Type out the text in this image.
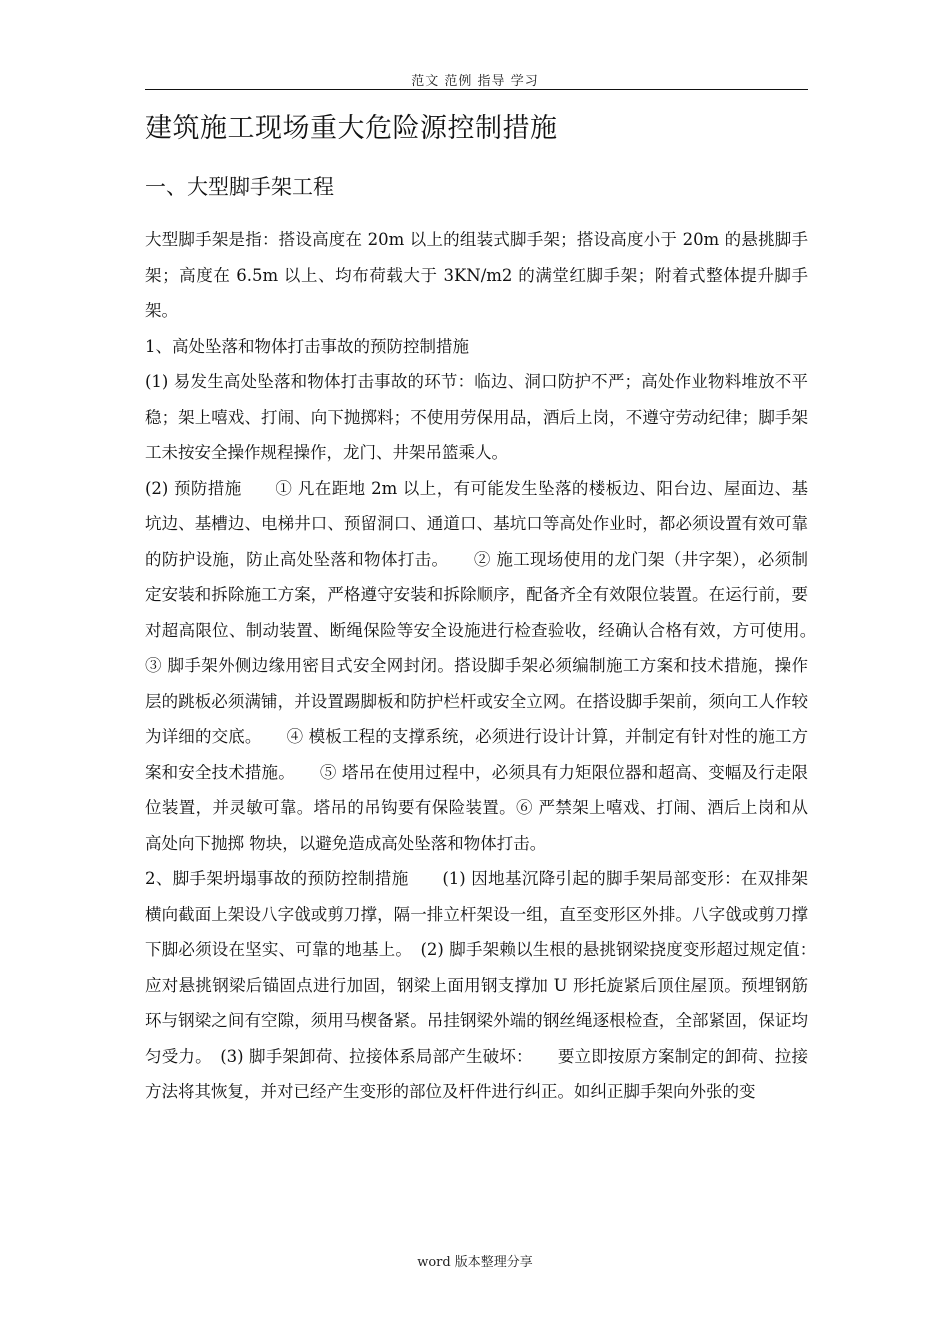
范文 范例 指导 学习
建筑施工现场重大危险源控制措施
一、大型脚手架工程

大型脚手架是指：搭设高度在 20m 以上的组装式脚手架；搭设高度小于 20m 的悬挑脚手架；高度在 6.5m 以上、均布荷载大于 3KN/m2 的满堂红脚手架；附着式整体提升脚手架。

1、高处坠落和物体打击事故的预防控制措施

(1) 易发生高处坠落和物体打击事故的环节：临边、洞口防护不严；高处作业物料堆放不平稳；架上嘻戏、打闹、向下抛掷料；不使用劳保用品，酒后上岗，不遵守劳动纪律；脚手架工未按安全操作规程操作，龙门、井架吊篮乘人。

(2) 预防措施　　① 凡在距地 2m 以上，有可能发生坠落的楼板边、阳台边、屋面边、基坑边、基槽边、电梯井口、预留洞口、通道口、基坑口等高处作业时，都必须设置有效可靠的防护设施，防止高处坠落和物体打击。　　② 施工现场使用的龙门架（井字架），必须制定安装和拆除施工方案，严格遵守安装和拆除顺序，配备齐全有效限位装置。在运行前，要对超高限位、制动装置、断绳保险等安全设施进行检查验收，经确认合格有效，方可使用。　　③ 脚手架外侧边缘用密目式安全网封闭。搭设脚手架必须编制施工方案和技术措施，操作层的跳板必须满铺，并设置踢脚板和防护栏杆或安全立网。在搭设脚手架前，须向工人作较为详细的交底。　　④ 模板工程的支撑系统，必须进行设计计算，并制定有针对性的施工方案和安全技术措施。　　⑤ 塔吊在使用过程中，必须具有力矩限位器和超高、变幅及行走限位装置，并灵敏可靠。塔吊的吊钩要有保险装置。⑥ 严禁架上嘻戏、打闹、酒后上岗和从高处向下抛掷 物块，以避免造成高处坠落和物体打击。

2、脚手架坍塌事故的预防控制措施　　(1) 因地基沉降引起的脚手架局部变形：在双排架横向截面上架设八字戗或剪刀撑，隔一排立杆架设一组，直至变形区外排。八字戗或剪刀撑下脚必须设在坚实、可靠的地基上。　(2) 脚手架赖以生根的悬挑钢梁挠度变形超过规定值：　　应对悬挑钢梁后锚固点进行加固，钢梁上面用钢支撑加 U 形托旋紧后顶住屋顶。预埋钢筋环与钢梁之间有空隙，须用马楔备紧。吊挂钢梁外端的钢丝绳逐根检查，全部紧固，保证均匀受力。　(3) 脚手架卸荷、拉接体系局部产生破坏：　　要立即按原方案制定的卸荷、拉接方法将其恢复，并对已经产生变形的部位及杆件进行纠正。如纠正脚手架向外张的变

word 版本整理分享
